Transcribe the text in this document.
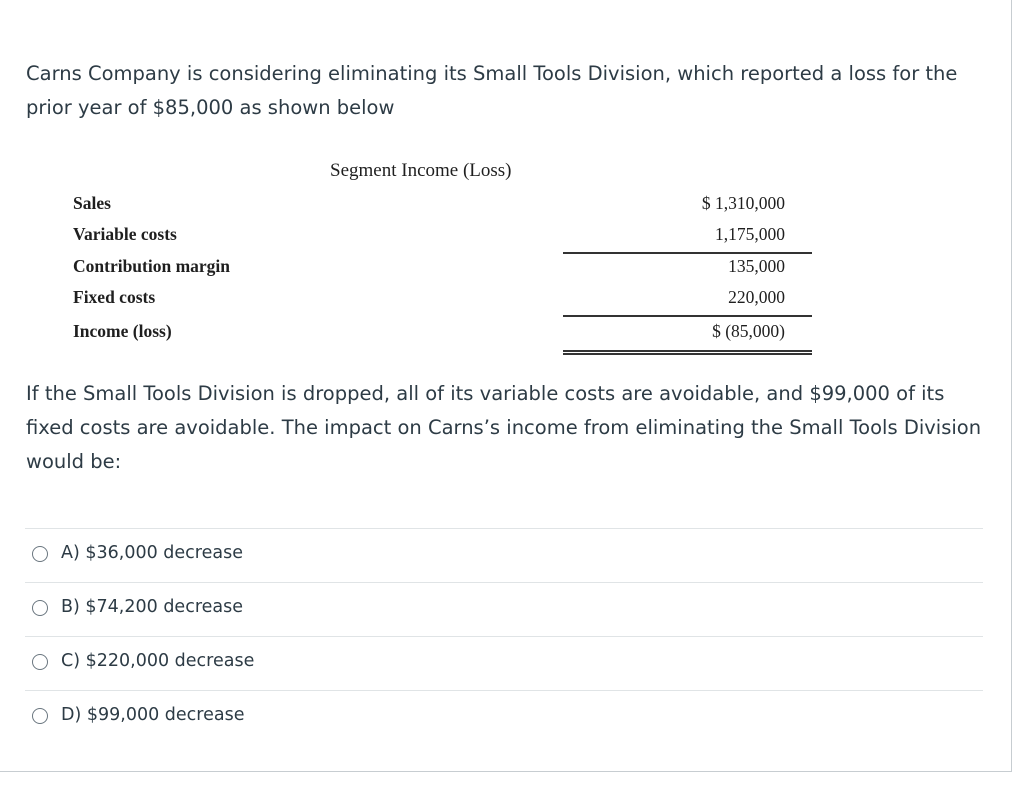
Carns Company is considering eliminating its Small Tools Division, which reported a loss for the prior year of $85,000 as shown below
Segment Income (Loss)
Sales	$ 1,310,000
Variable costs	1,175,000
Contribution margin	135,000
Fixed costs	220,000
Income (loss)	$ (85,000)
If the Small Tools Division is dropped, all of its variable costs are avoidable, and $99,000 of its fixed costs are avoidable. The impact on Carns’s income from eliminating the Small Tools Division would be:
A) $36,000 decrease
B) $74,200 decrease
C) $220,000 decrease
D) $99,000 decrease
